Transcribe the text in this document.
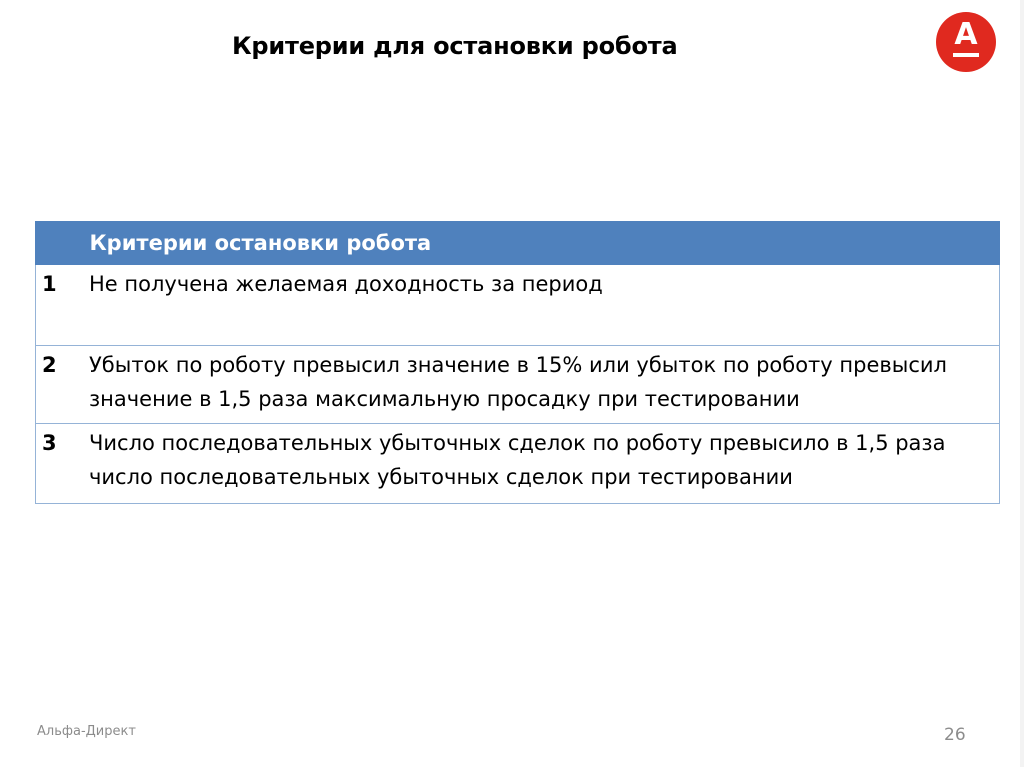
Критерии для остановки робота	А
	Критерии остановки робота
1	Не получена желаемая доходность за период
2	Убыток по роботу превысил значение в 15% или убыток по роботу превысил значение в 1,5 раза максимальную просадку при тестировании
3	Число последовательных убыточных сделок по роботу превысило в 1,5 раза число последовательных убыточных сделок при тестировании
Альфа-Директ	26
